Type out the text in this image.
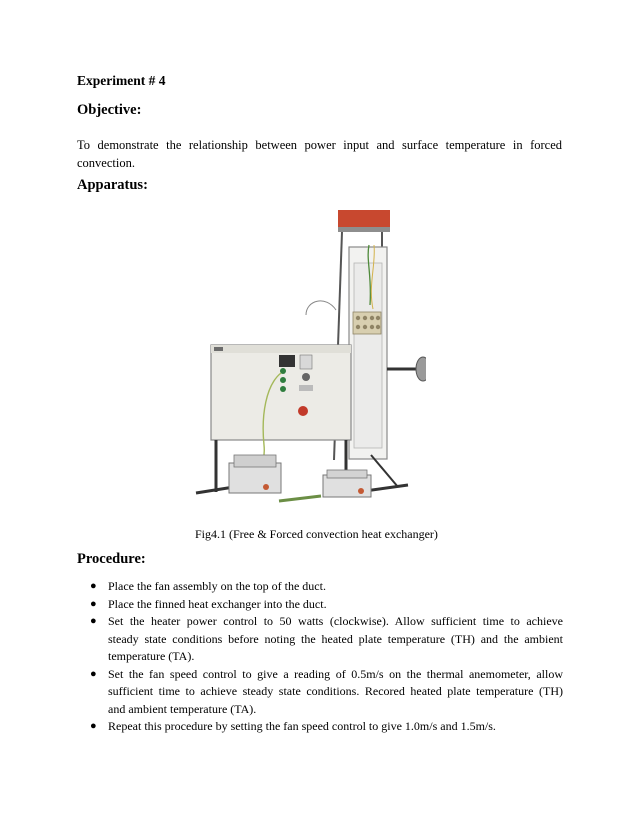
Experiment # 4
Objective:
To demonstrate the relationship between power input and surface temperature in forced
convection.
Apparatus:
Fig4.1 (Free & Forced convection heat exchanger)
Procedure:
● Place the fan assembly on the top of the duct.
● Place the finned heat exchanger into the duct.
● Set the heater power control to 50 watts (clockwise). Allow sufficient time to achieve
steady state conditions before noting the heated plate temperature (TH) and the ambient
temperature (TA).
● Set the fan speed control to give a reading of 0.5m/s on the thermal anemometer, allow
sufficient time to achieve steady state conditions. Recored heated plate temperature (TH)
and ambient temperature (TA).
● Repeat this procedure by setting the fan speed control to give 1.0m/s and 1.5m/s.
